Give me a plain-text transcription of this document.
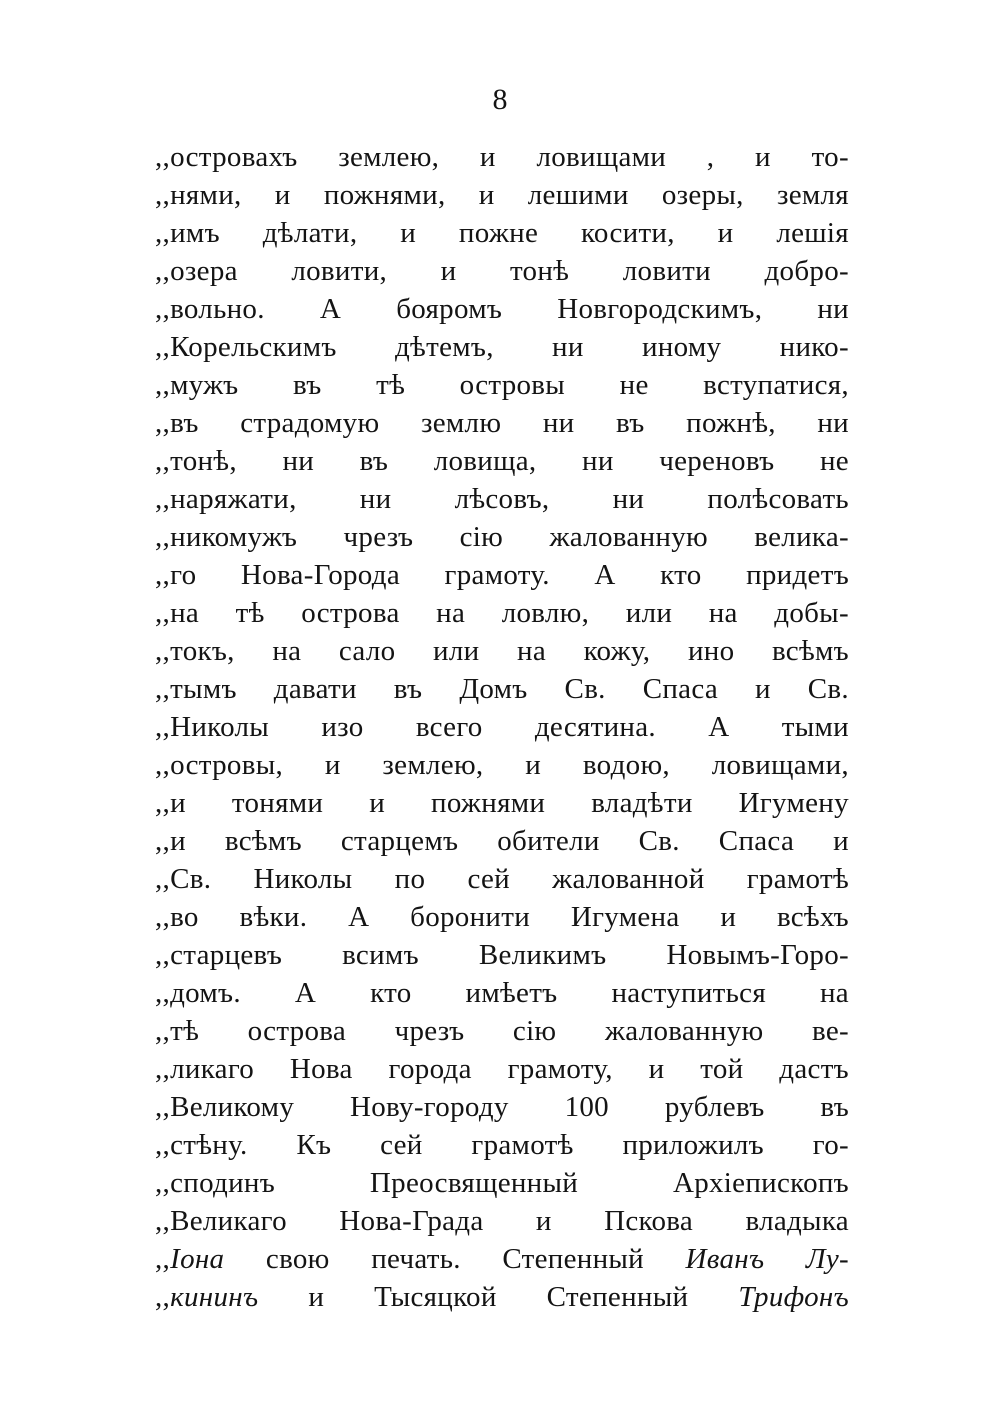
8
,,островахъ землею, и ловищами , и то-
,,нями, и пожнями, и лешими озеры, земля
,,имъ дѣлати, и пожне косити, и лешія
,,озера ловити, и тонѣ ловити добро-
,,вольно. А бояромъ Новгородскимъ, ни
,,Корельскимъ дѣтемъ, ни иному нико-
,,мужъ въ тѣ островы не вступатися,
,,въ страдомую землю ни въ пожнѣ, ни
,,тонѣ, ни въ ловища, ни череновъ не
,,наряжати, ни лѣсовъ, ни полѣсовать
,,никомужъ чрезъ сію жалованную велика-
,,го Нова-Города грамоту. А кто придетъ
,,на тѣ острова на ловлю, или на добы-
,,токъ, на сало или на кожу, ино всѣмъ
,,тымъ давати въ Домъ Св. Спаса и Св.
,,Николы изо всего десятина. А тыми
,,островы, и землею, и водою, ловищами,
,,и тонями и пожнями владѣти Игумену
,,и всѣмъ старцемъ обители Св. Спаса и
,,Св. Николы по сей жалованной грамотѣ
,,во вѣки. А боронити Игумена и всѣхъ
,,старцевъ всимъ Великимъ Новымъ-Горо-
,,домъ. А кто имѣетъ наступиться на
,,тѣ острова чрезъ сію жалованную ве-
,,ликаго Нова города грамоту, и той дастъ
,,Великому Нову-городу 100 рублевъ въ
,,стѣну. Къ сей грамотѣ приложилъ го-
,,сподинъ	Преосвященный	Архіепископъ
,,Великаго Нова-Града и Пскова владыка
,,Іона свою печать. Степенный Иванъ Лу-
,,кининъ и Тысяцкой Степенный Трифонъ
